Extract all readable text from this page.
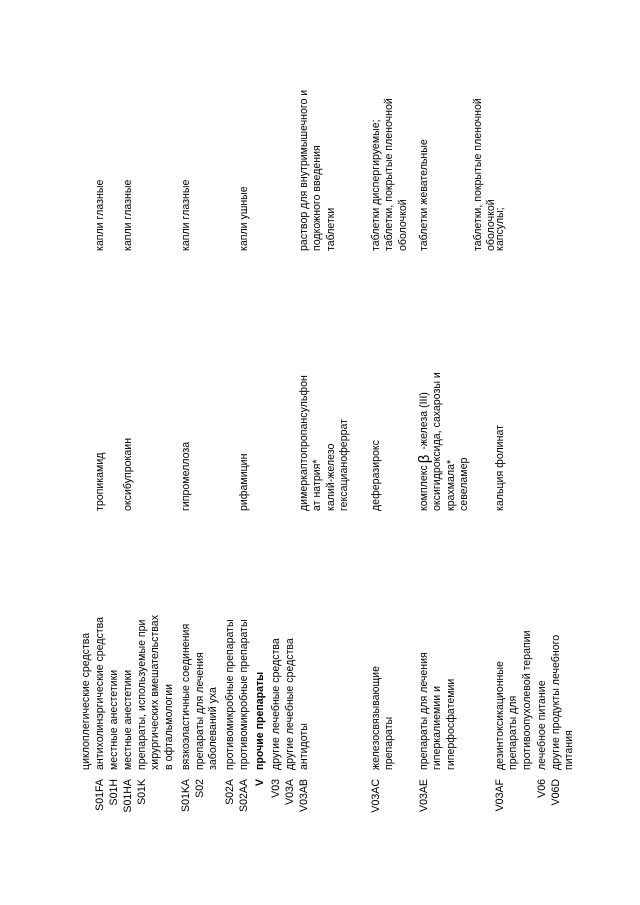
циклоплегические средства
S01FA
антихолинэргические средства
тропикамид
капли глазные
S01H
местные анестетики
S01HA
местные анестетики
оксибупрокаин
капли глазные
S01K
препараты, используемые при хирургических вмешательствах в офтальмологии
S01KA
вязкоэластичные соединения
гипромеллоза
капли глазные
S02
препараты для лечения заболеваний уха
S02A
противомикробные препараты
S02AA
противомикробные препараты
рифамицин
капли ушные
V
прочие препараты
V03
другие лечебные средства
V03A
другие лечебные средства
V03AB
антидоты
димеркаптопропансульфон ат натрия* калий-железо гексацианоферрат
раствор для внутримышечного и подкожного введения таблетки
V03AC
железосвязывающие препараты
деферазирокс
таблетки диспергируемые; таблетки, покрытые пленочной оболочкой
V03AE
препараты для лечения гиперкалиемии и гиперфосфатемии
комплексβ -железа (III) оксигидроксида, сахарозы и крахмала* севеламер
таблетки жевательные

	таблетки, покрытые пленочной оболочкой
V03AF
дезинтоксикационные препараты для противоопухолевой терапии
кальция фолинат
капсулы;
V06
лечебное питание
V06D
другие продукты лечебного питания
